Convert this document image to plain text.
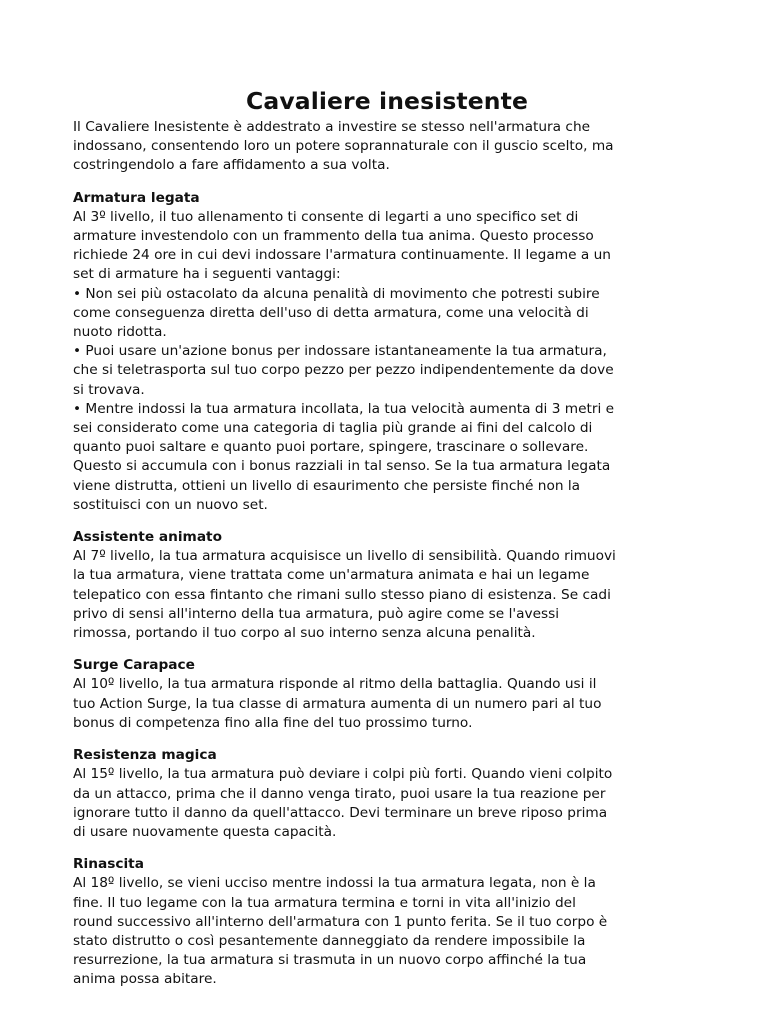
Cavaliere inesistente

Il Cavaliere Inesistente è addestrato a investire se stesso nell'armatura che
indossano, consentendo loro un potere soprannaturale con il guscio scelto, ma
costringendolo a fare affidamento a sua volta.

Armatura legata

Al 3º livello, il tuo allenamento ti consente di legarti a uno specifico set di
armature investendolo con un frammento della tua anima. Questo processo
richiede 24 ore in cui devi indossare l'armatura continuamente. Il legame a un
set di armature ha i seguenti vantaggi:

• Non sei più ostacolato da alcuna penalità di movimento che potresti subire
come conseguenza diretta dell'uso di detta armatura, come una velocità di
nuoto ridotta.

• Puoi usare un'azione bonus per indossare istantaneamente la tua armatura,
che si teletrasporta sul tuo corpo pezzo per pezzo indipendentemente da dove
si trovava.

• Mentre indossi la tua armatura incollata, la tua velocità aumenta di 3 metri e
sei considerato come una categoria di taglia più grande ai fini del calcolo di
quanto puoi saltare e quanto puoi portare, spingere, trascinare o sollevare.
Questo si accumula con i bonus razziali in tal senso. Se la tua armatura legata
viene distrutta, ottieni un livello di esaurimento che persiste finché non la
sostituisci con un nuovo set.

Assistente animato

Al 7º livello, la tua armatura acquisisce un livello di sensibilità. Quando rimuovi
la tua armatura, viene trattata come un'armatura animata e hai un legame
telepatico con essa fintanto che rimani sullo stesso piano di esistenza. Se cadi
privo di sensi all'interno della tua armatura, può agire come se l'avessi
rimossa, portando il tuo corpo al suo interno senza alcuna penalità.

Surge Carapace

Al 10º livello, la tua armatura risponde al ritmo della battaglia. Quando usi il
tuo Action Surge, la tua classe di armatura aumenta di un numero pari al tuo
bonus di competenza fino alla fine del tuo prossimo turno.

Resistenza magica

Al 15º livello, la tua armatura può deviare i colpi più forti. Quando vieni colpito
da un attacco, prima che il danno venga tirato, puoi usare la tua reazione per
ignorare tutto il danno da quell'attacco. Devi terminare un breve riposo prima
di usare nuovamente questa capacità.

Rinascita

Al 18º livello, se vieni ucciso mentre indossi la tua armatura legata, non è la
fine. Il tuo legame con la tua armatura termina e torni in vita all'inizio del
round successivo all'interno dell'armatura con 1 punto ferita. Se il tuo corpo è
stato distrutto o così pesantemente danneggiato da rendere impossibile la
resurrezione, la tua armatura si trasmuta in un nuovo corpo affinché la tua
anima possa abitare.
